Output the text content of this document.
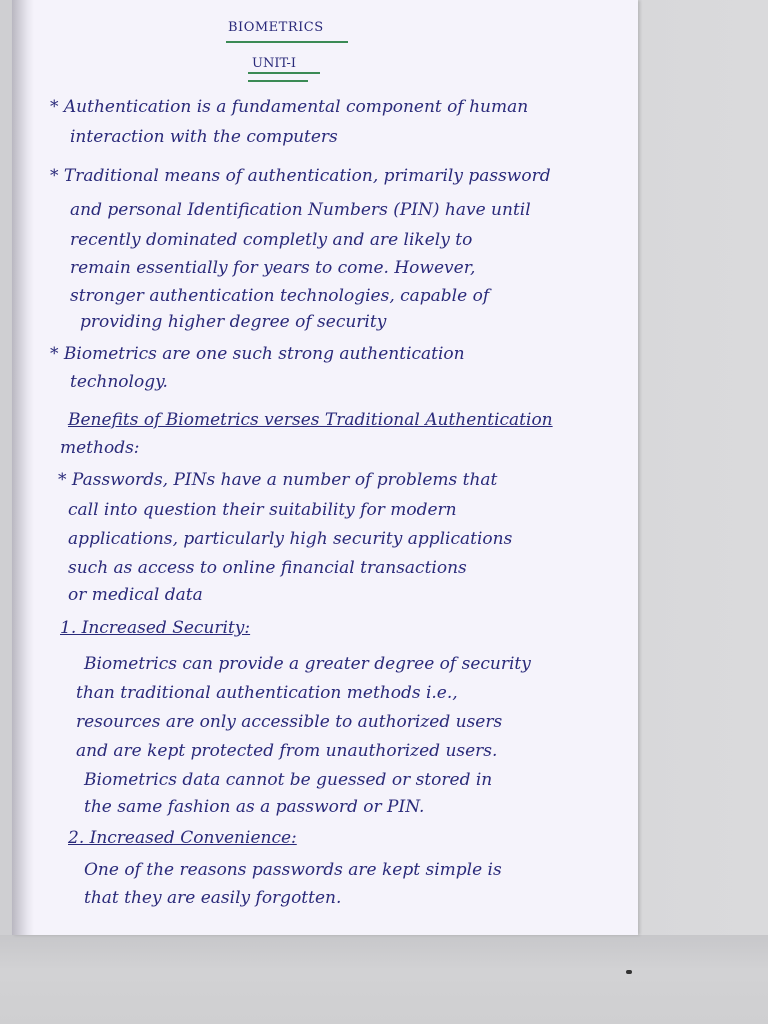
BIOMETRICS
UNIT-I
* Authentication is a fundamental component of human
interaction with the computers
* Traditional means of authentication, primarily password
and personal Identification Numbers (PIN) have until
recently dominated completly and are likely to
remain essentially for years to come. However,
stronger authentication technologies, capable of
providing higher degree of security
* Biometrics are one such strong authentication
technology.
Benefits of Biometrics verses Traditional Authentication
methods:
* Passwords, PINs have a number of problems that
call into question their suitability for modern
applications, particularly high security applications
such as access to online financial transactions
or medical data
1. Increased Security:
Biometrics can provide a greater degree of security
than traditional authentication methods i.e.,
resources are only accessible to authorized users
and are kept protected from unauthorized users.
Biometrics data cannot be guessed or stored in
the same fashion as a password or PIN.
2. Increased Convenience:
One of the reasons passwords are kept simple is
that they are easily forgotten.
